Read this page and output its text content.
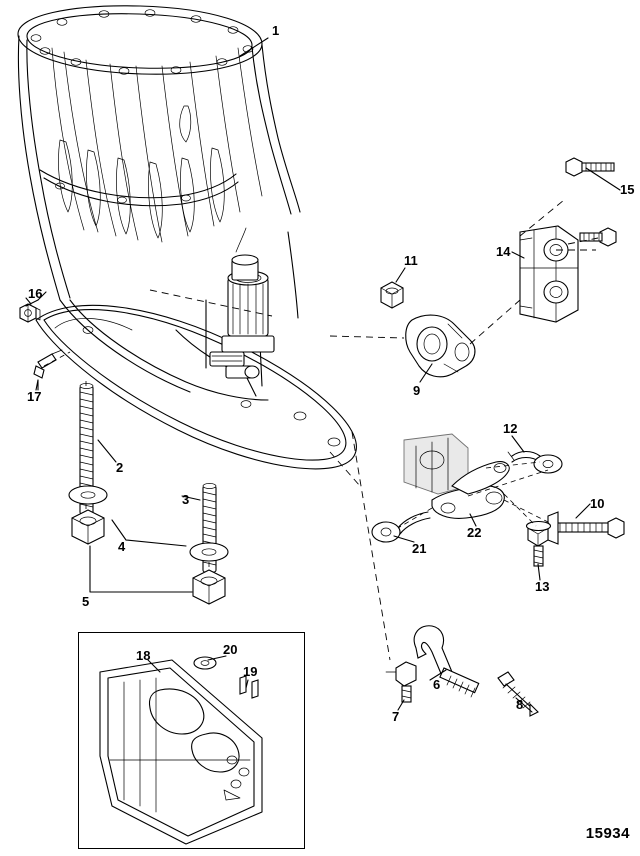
1
2
3
4
5
6
7
8
9
10
11
12
13
14
15
16
17
18
19
20
21
22
15934
